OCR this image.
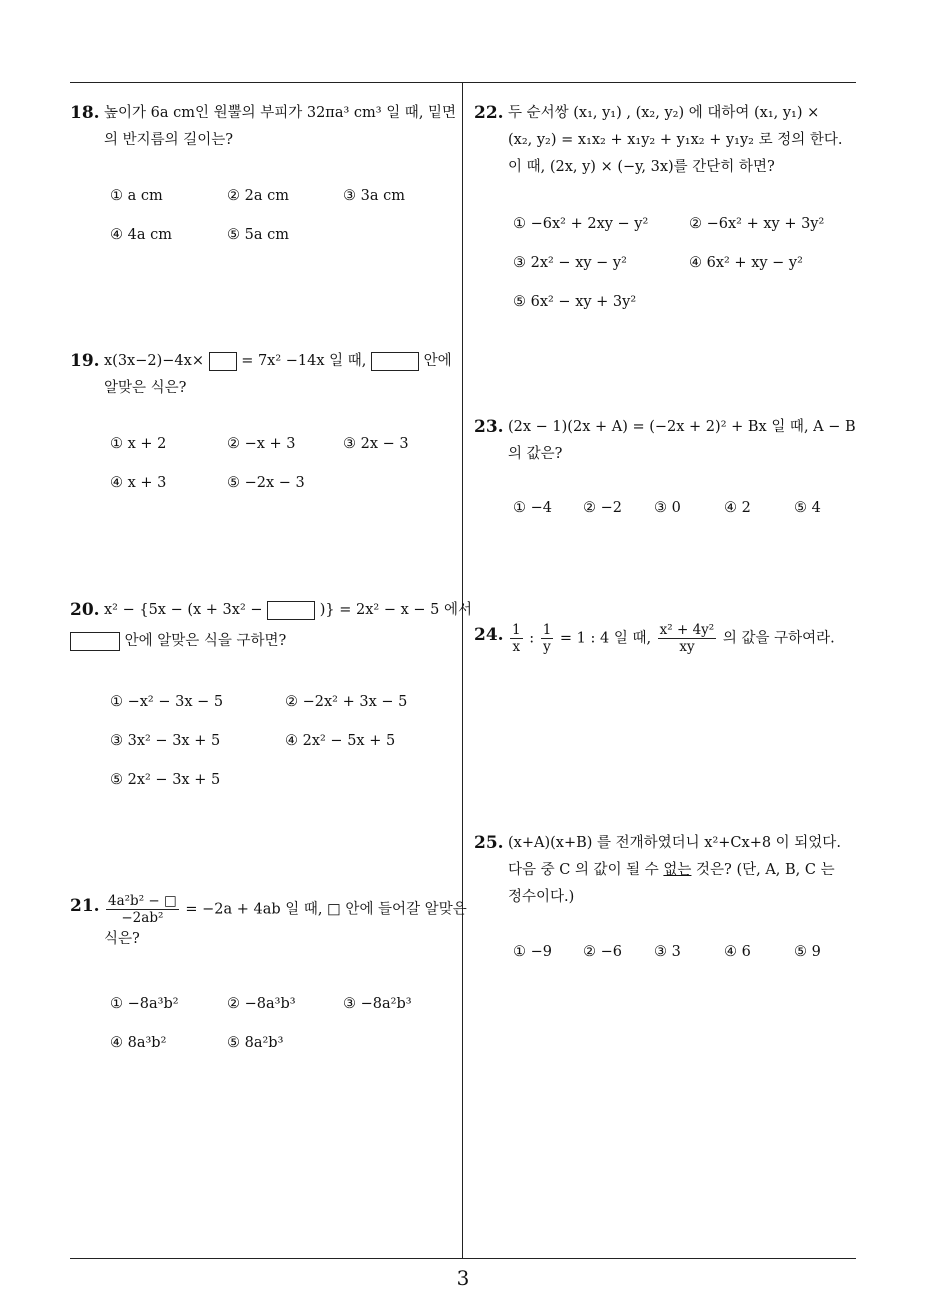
18. 높이가 6a cm인 원뿔의 부피가 32πa³ cm³ 일 때, 밑면
의 반지름의 길이는?
① a cm	② 2a cm	③ 3a cm
④ 4a cm	⑤ 5a cm
19. x(3x−2)−4x×	= 7x² −14x 일 때,	안에
알맞은 식은?
① x + 2	② −x + 3	③ 2x − 3
④ x + 3	⑤ −2x − 3
20. x² − {5x − (x + 3x² −	)} = 2x² − x − 5 에서
안에 알맞은 식을 구하면?
① −x² − 3x − 5	② −2x² + 3x − 5
③ 3x² − 3x + 5	④ 2x² − 5x + 5
⑤ 2x² − 3x + 5
21. $\frac{\text{4a²b² − □}}{\text{−2ab²}} = -2a + 4ab$ 일 때, □ 안에 들어갈 알맞은
식은?
① −8a³b²	② −8a³b³	③ −8a²b³
④ 8a³b²	⑤ 8a²b³
22. 두 순서쌍 (x₁, y₁) , (x₂, y₂) 에 대하여 (x₁, y₁) ×
(x₂, y₂) = x₁x₂ + x₁y₂ + y₁x₂ + y₁y₂ 로 정의 한다.
이 때, (2x, y) × (−y, 3x)를 간단히 하면?
① −6x² + 2xy − y²	② −6x² + xy + 3y²
③ 2x² − xy − y²	④ 6x² + xy − y²
⑤ 6x² − xy + 3y²
23. (2x − 1)(2x + A) = (−2x + 2)² + Bx 일 때, A − B
의 값은?
① −4 ② −2 ③ 0	④ 2	⑤ 4
24. $\frac{1}{x}$ : $\frac{1}{y} = 1$ : 4 일 때, $\frac{\text{x² + 4y²}}{xy}$ 의 값을 구하여라.
25. (x+A)(x+B) 를 전개하였더니 x²+Cx+8 이 되었다.
다음 중 C 의 값이 될 수 없는 것은? (단, A, B, C 는
정수이다.)
① −9 ② −6 ③ 3	④ 6	⑤ 9
3
